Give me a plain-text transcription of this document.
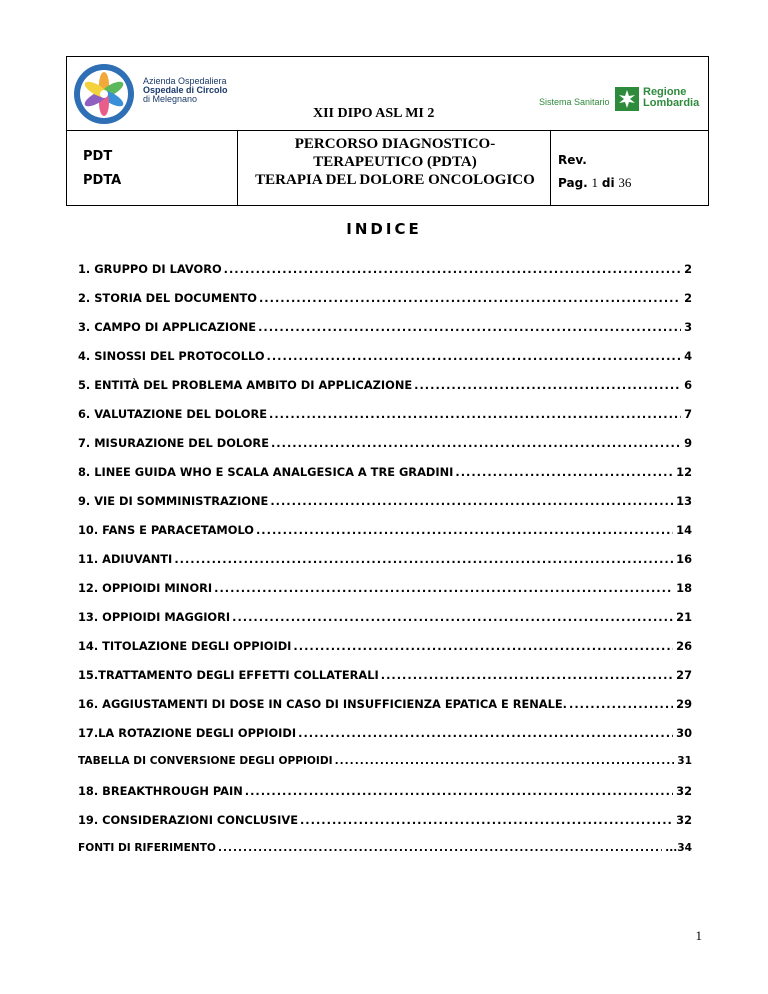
Azienda Ospedaliera
Ospedale di Circolo
di Melegnano
XII DIPO ASL MI 2
Sistema Sanitario
Regione
Lombardia
PDT
PDTA
PERCORSO DIAGNOSTICO-
TERAPEUTICO (PDTA)
TERAPIA DEL DOLORE ONCOLOGICO
Rev.
Pag. 1 di 36
INDICE
1. GRUPPO DI LAVORO .....	2
2. STORIA DEL DOCUMENTO .....	2
3. CAMPO DI APPLICAZIONE .....	3
4. SINOSSI DEL PROTOCOLLO .....	4
5. ENTITÀ DEL PROBLEMA AMBITO DI APPLICAZIONE .....	6
6. VALUTAZIONE DEL DOLORE .....	7
7. MISURAZIONE DEL DOLORE .....	9
8. LINEE GUIDA WHO E SCALA ANALGESICA A TRE GRADINI .....	12
9. VIE DI SOMMINISTRAZIONE .....	13
10. FANS E PARACETAMOLO .....	14
11. ADIUVANTI .....	16
12. OPPIOIDI MINORI .....	18
13. OPPIOIDI MAGGIORI .....	21
14. TITOLAZIONE DEGLI OPPIOIDI .....	26
15.TRATTAMENTO DEGLI EFFETTI COLLATERALI .....	27
16. AGGIUSTAMENTI DI DOSE IN CASO DI INSUFFICIENZA EPATICA E RENALE. .....	29
17.LA ROTAZIONE DEGLI OPPIOIDI .....	30
TABELLA DI CONVERSIONE DEGLI OPPIOIDI .....	31
18. BREAKTHROUGH PAIN .....	32
19. CONSIDERAZIONI CONCLUSIVE .....	32
FONTI DI RIFERIMENTO .....	...34
1
